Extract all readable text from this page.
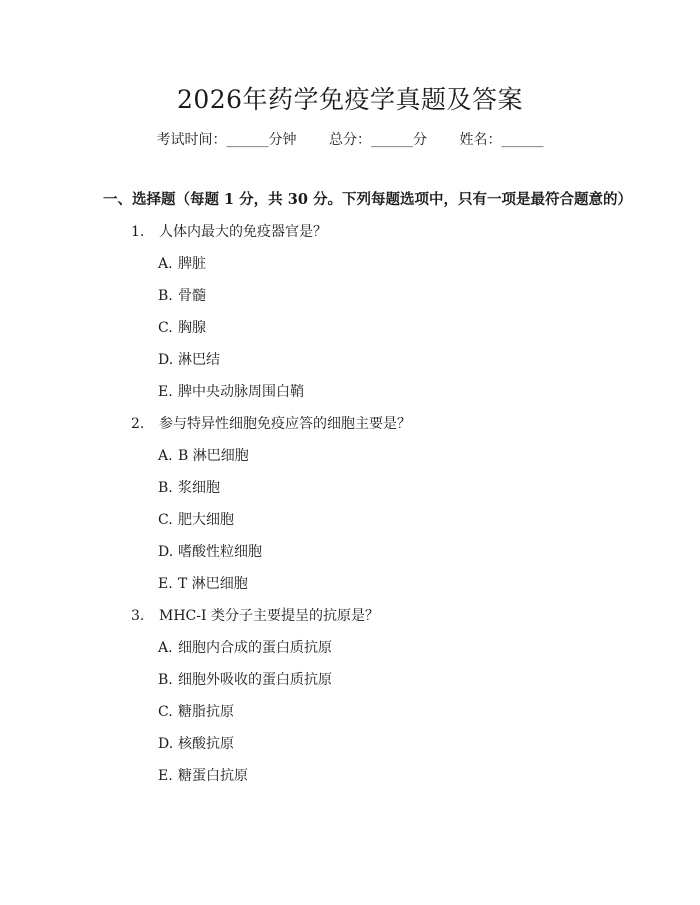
2026年药学免疫学真题及答案
考试时间：______分钟 总分：______分 姓名：______
一、选择题（每题 1 分，共 30 分。下列每题选项中，只有一项是最符合题意的）
1. 人体内最大的免疫器官是？
A. 脾脏
B. 骨髓
C. 胸腺
D. 淋巴结
E. 脾中央动脉周围白鞘
2. 参与特异性细胞免疫应答的细胞主要是？
A. B 淋巴细胞
B. 浆细胞
C. 肥大细胞
D. 嗜酸性粒细胞
E. T 淋巴细胞
3. MHC-I 类分子主要提呈的抗原是？
A. 细胞内合成的蛋白质抗原
B. 细胞外吸收的蛋白质抗原
C. 糖脂抗原
D. 核酸抗原
E. 糖蛋白抗原
